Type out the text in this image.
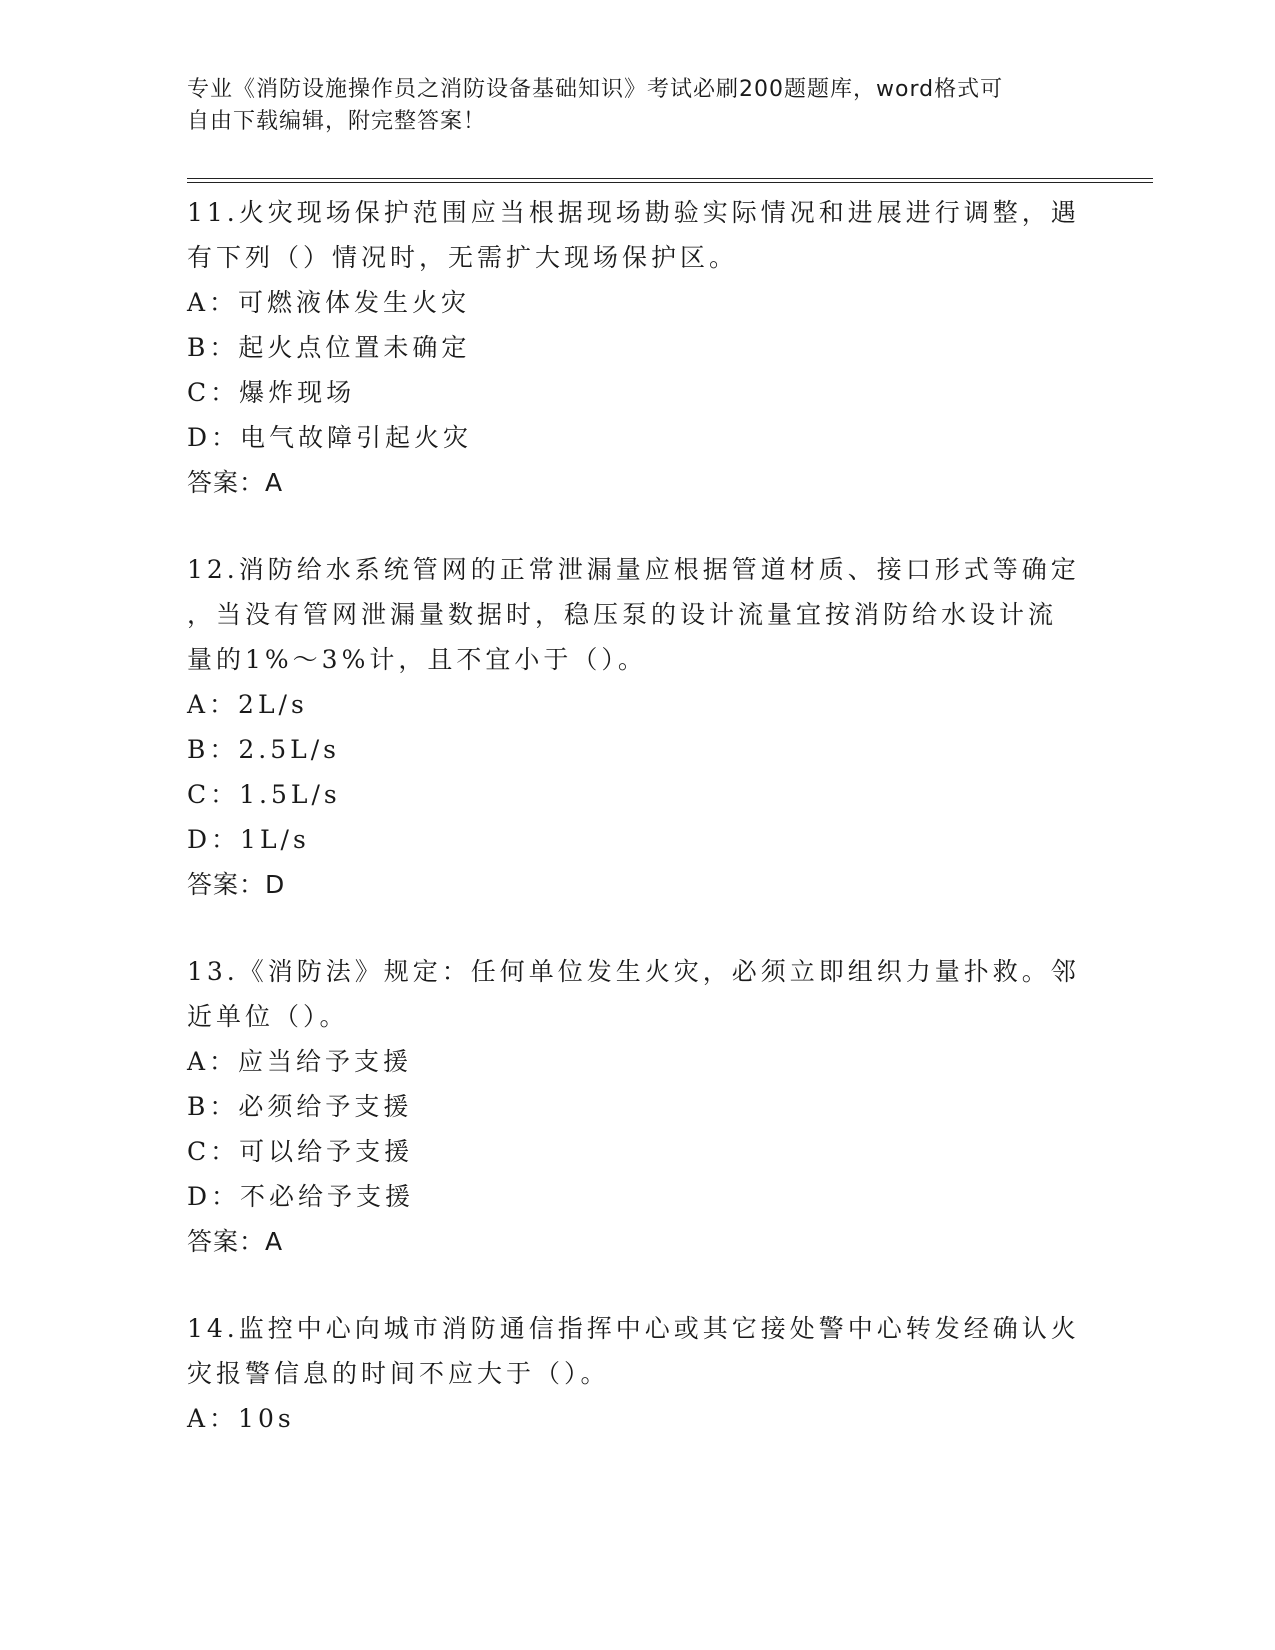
专业《消防设施操作员之消防设备基础知识》考试必刷200题题库，word格式可
自由下载编辑，附完整答案！
11.火灾现场保护范围应当根据现场勘验实际情况和进展进行调整，遇
有下列（）情况时，无需扩大现场保护区。
A：可燃液体发生火灾
B：起火点位置未确定
C：爆炸现场
D：电气故障引起火灾
答案：A
12.消防给水系统管网的正常泄漏量应根据管道材质、接口形式等确定
，当没有管网泄漏量数据时，稳压泵的设计流量宜按消防给水设计流
量的1%～3%计，且不宜小于（）。
A：2L/s
B：2.5L/s
C：1.5L/s
D：1L/s
答案：D
13.《消防法》规定：任何单位发生火灾，必须立即组织力量扑救。邻
近单位（）。
A：应当给予支援
B：必须给予支援
C：可以给予支援
D：不必给予支援
答案：A
14.监控中心向城市消防通信指挥中心或其它接处警中心转发经确认火
灾报警信息的时间不应大于（）。
A：10s
